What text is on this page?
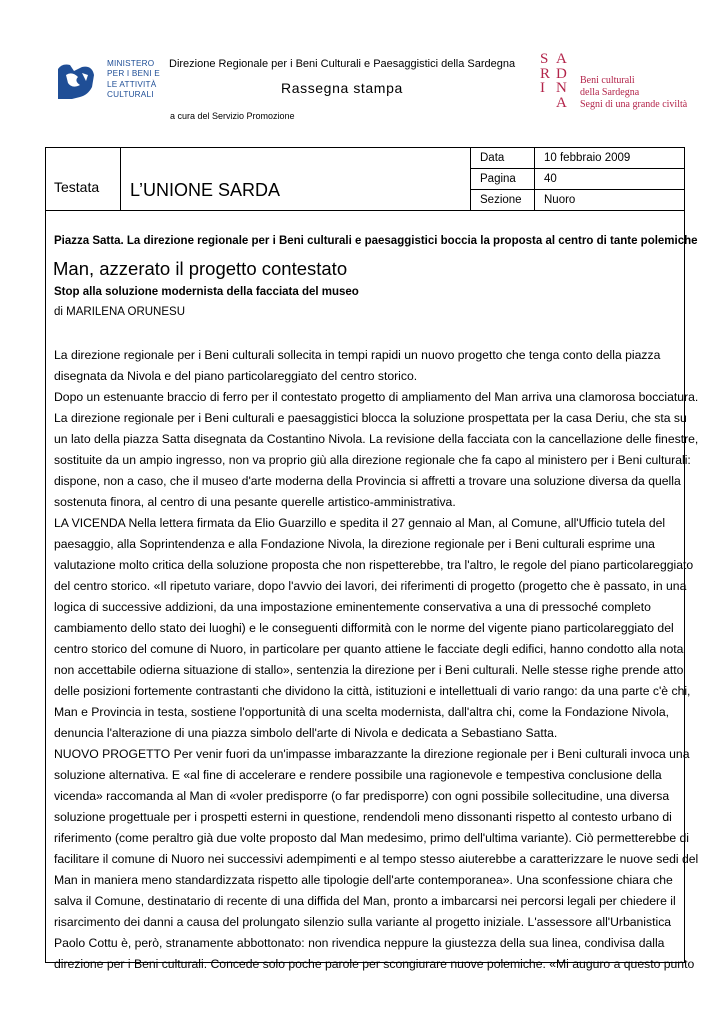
MINISTERO
PER I BENI E
LE ATTIVITÀ
CULTURALI
Direzione Regionale per i Beni Culturali e Paesaggistici della Sardegna
Rassegna stampa
a cura del Servizio Promozione
S A
R D
I N
A
Beni culturali
della Sardegna
Segni di una grande civiltà
Testata L’UNIONE SARDA
Data	10 febbraio 2009
Pagina	40
Sezione	Nuoro
Piazza Satta. La direzione regionale per i Beni culturali e paesaggistici boccia la proposta al centro di tante polemiche
Man, azzerato il progetto contestato
Stop alla soluzione modernista della facciata del museo
di MARILENA ORUNESU
La direzione regionale per i Beni culturali sollecita in tempi rapidi un nuovo progetto che tenga conto della piazza
disegnata da Nivola e del piano particolareggiato del centro storico.
Dopo un estenuante braccio di ferro per il contestato progetto di ampliamento del Man arriva una clamorosa bocciatura.
La direzione regionale per i Beni culturali e paesaggistici blocca la soluzione prospettata per la casa Deriu, che sta su
un lato della piazza Satta disegnata da Costantino Nivola. La revisione della facciata con la cancellazione delle finestre,
sostituite da un ampio ingresso, non va proprio giù alla direzione regionale che fa capo al ministero per i Beni culturali:
dispone, non a caso, che il museo d'arte moderna della Provincia si affretti a trovare una soluzione diversa da quella
sostenuta finora, al centro di una pesante querelle artistico-amministrativa.
LA VICENDA Nella lettera firmata da Elio Guarzillo e spedita il 27 gennaio al Man, al Comune, all'Ufficio tutela del
paesaggio, alla Soprintendenza e alla Fondazione Nivola, la direzione regionale per i Beni culturali esprime una
valutazione molto critica della soluzione proposta che non rispetterebbe, tra l'altro, le regole del piano particolareggiato
del centro storico. «Il ripetuto variare, dopo l'avvio dei lavori, dei riferimenti di progetto (progetto che è passato, in una
logica di successive addizioni, da una impostazione eminentemente conservativa a una di pressoché completo
cambiamento dello stato dei luoghi) e le conseguenti difformità con le norme del vigente piano particolareggiato del
centro storico del comune di Nuoro, in particolare per quanto attiene le facciate degli edifici, hanno condotto alla nota
non accettabile odierna situazione di stallo», sentenzia la direzione per i Beni culturali. Nelle stesse righe prende atto
delle posizioni fortemente contrastanti che dividono la città, istituzioni e intellettuali di vario rango: da una parte c'è chi,
Man e Provincia in testa, sostiene l'opportunità di una scelta modernista, dall'altra chi, come la Fondazione Nivola,
denuncia l'alterazione di una piazza simbolo dell'arte di Nivola e dedicata a Sebastiano Satta.
NUOVO PROGETTO Per venir fuori da un'impasse imbarazzante la direzione regionale per i Beni culturali invoca una
soluzione alternativa. E «al fine di accelerare e rendere possibile una ragionevole e tempestiva conclusione della
vicenda» raccomanda al Man di «voler predisporre (o far predisporre) con ogni possibile sollecitudine, una diversa
soluzione progettuale per i prospetti esterni in questione, rendendoli meno dissonanti rispetto al contesto urbano di
riferimento (come peraltro già due volte proposto dal Man medesimo, primo dell'ultima variante). Ciò permetterebbe di
facilitare il comune di Nuoro nei successivi adempimenti e al tempo stesso aiuterebbe a caratterizzare le nuove sedi del
Man in maniera meno standardizzata rispetto alle tipologie dell'arte contemporanea». Una sconfessione chiara che
salva il Comune, destinatario di recente di una diffida del Man, pronto a imbarcarsi nei percorsi legali per chiedere il
risarcimento dei danni a causa del prolungato silenzio sulla variante al progetto iniziale. L'assessore all'Urbanistica
Paolo Cottu è, però, stranamente abbottonato: non rivendica neppure la giustezza della sua linea, condivisa dalla
direzione per i Beni culturali. Concede solo poche parole per scongiurare nuove polemiche. «Mi auguro a questo punto
